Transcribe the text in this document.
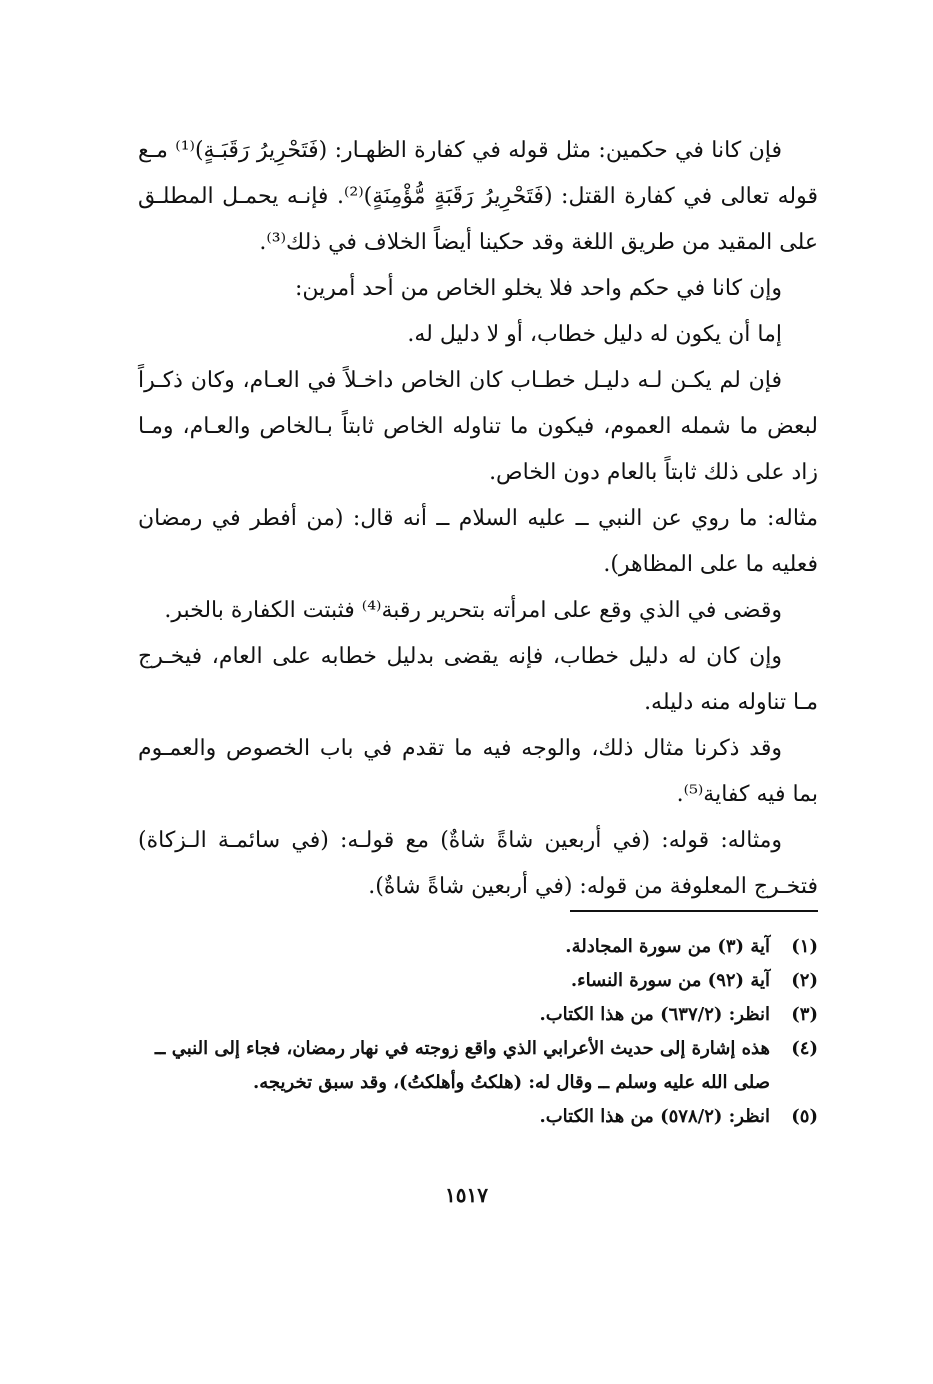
فإن كانا في حكمين: مثل قوله في كفارة الظهـار: (فَتَحْرِيرُ رَقَبَـةٍ)⁽¹⁾ مـع قوله تعالى في كفارة القتل: (فَتَحْرِيرُ رَقَبَةٍ مُّؤْمِنَةٍ)⁽²⁾. فإنـه يحمـل المطلـق على المقيد من طريق اللغة وقد حكينا أيضاً الخلاف في ذلك⁽³⁾.

وإن كانا في حكم واحد فلا يخلو الخاص من أحد أمرين:

إما أن يكون له دليل خطاب، أو لا دليل له.

فإن لم يكـن لـه دليـل خطـاب كان الخاص داخـلاً في العـام، وكان ذكـراً لبعض ما شمله العموم، فيكون ما تناوله الخاص ثابتاً بـالخاص والعـام، ومـا زاد على ذلك ثابتاً بالعام دون الخاص.

مثاله: ما روي عن النبي ــ عليه السلام ــ أنه قال: (من أفطر في رمضان فعليه ما على المظاهر).

وقضى في الذي وقع على امرأته بتحرير رقبة⁽⁴⁾ فثبتت الكفارة بالخبر.

وإن كان له دليل خطاب، فإنه يقضى بدليل خطابه على العام، فيخـرج مـا تناوله منه دليله.

وقد ذكرنا مثال ذلك، والوجه فيه ما تقدم في باب الخصوص والعمـوم بما فيه كفاية⁽⁵⁾.

ومثاله: قوله: (في أربعين شاةً شاةٌ) مع قولـه: (في سائمـة الـزكاة) فتخـرج المعلوفة من قوله: (في أربعين شاةً شاةٌ).

(١)
آية (٣) من سورة المجادلة.
(٢)
آية (٩٢) من سورة النساء.
(٣)
انظر: (٦٣٧/٢) من هذا الكتاب.
(٤)
هذه إشارة إلى حديث الأعرابي الذي واقع زوجته في نهار رمضان، فجاء إلى النبي ــ صلى الله عليه وسلم ــ وقال له: (هلكتُ وأهلكتُ)، وقد سبق تخريجه.
(٥)
انظر: (٥٧٨/٢) من هذا الكتاب.
١٥١٧
